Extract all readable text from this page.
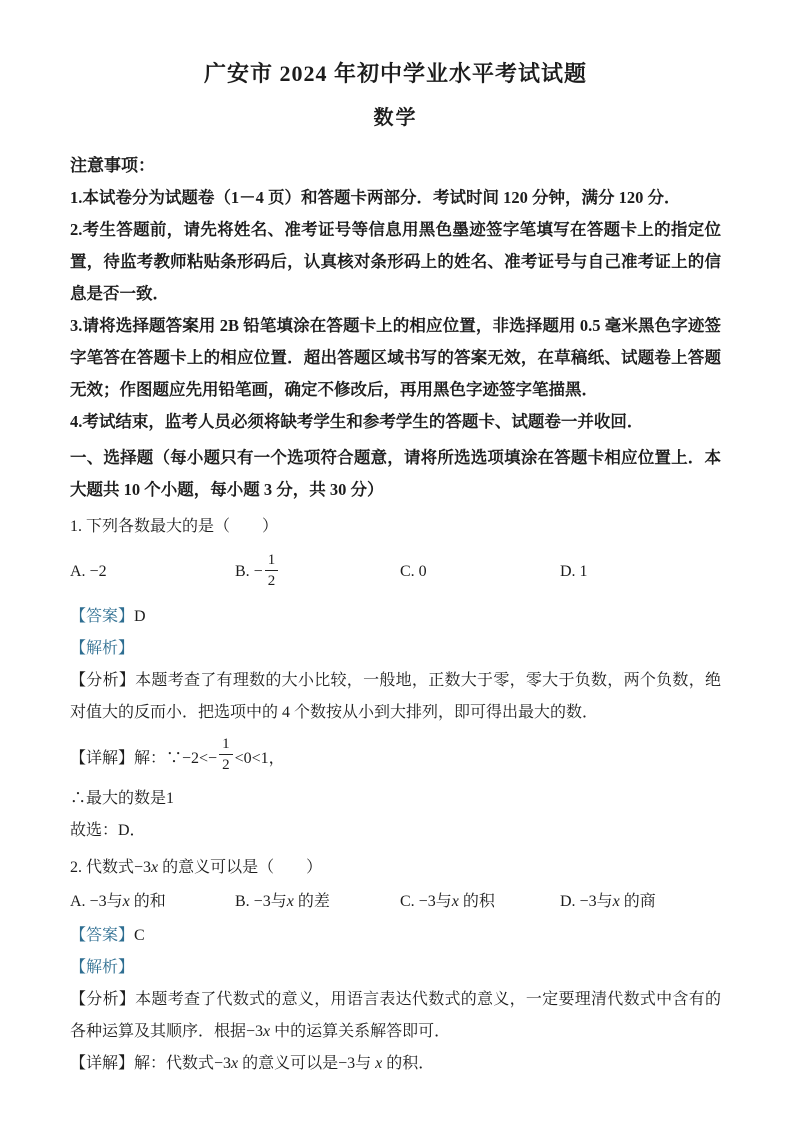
广安市 2024 年初中学业水平考试试题
数学

注意事项：

1.本试卷分为试题卷（1－4 页）和答题卡两部分．考试时间 120 分钟，满分 120 分．

2.考生答题前，请先将姓名、准考证号等信息用黑色墨迹签字笔填写在答题卡上的指定位置，待监考教师粘贴条形码后，认真核对条形码上的姓名、准考证号与自己准考证上的信息是否一致．

3.请将选择题答案用 2B 铅笔填涂在答题卡上的相应位置，非选择题用 0.5 毫米黑色字迹签字笔答在答题卡上的相应位置．超出答题区域书写的答案无效，在草稿纸、试题卷上答题无效；作图题应先用铅笔画，确定不修改后，再用黑色字迹签字笔描黑．

4.考试结束，监考人员必须将缺考学生和参考学生的答题卡、试题卷一并收回．

一、选择题（每小题只有一个选项符合题意，请将所选选项填涂在答题卡相应位置上．本大题共 10 个小题，每小题 3 分，共 30 分）

1. 下列各数最大的是（　　）

A. −2	B. − $\frac{1}{2}$	C. 0	D. 1

【答案】D

【解析】

【分析】本题考查了有理数的大小比较，一般地，正数大于零，零大于负数，两个负数，绝对值大的反而小．把选项中的 4 个数按从小到大排列，即可得出最大的数．

【详解】解：∵−2<− $\frac{1}{2} <0<1$，

∴最大的数是1

故选：D．

2. 代数式−3x 的意义可以是（　　）

A. −3与x 的和	B. −3与x 的差	C. −3与x 的积	D. −3与x 的商

【答案】C

【解析】

【分析】本题考查了代数式的意义，用语言表达代数式的意义，一定要理清代数式中含有的各种运算及其顺序．根据−3x 中的运算关系解答即可．

【详解】解：代数式−3x 的意义可以是−3与 x 的积．
